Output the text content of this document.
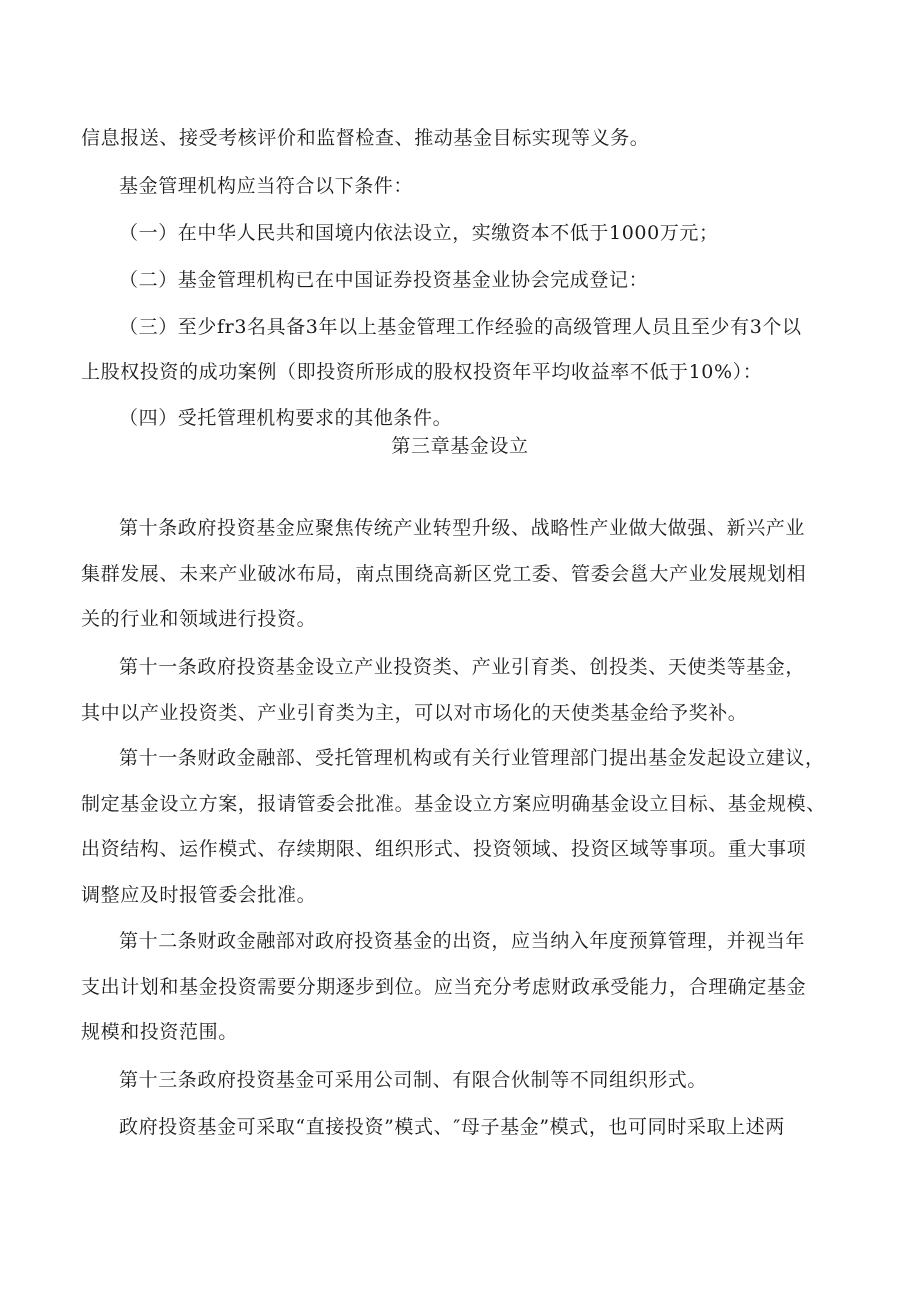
信息报送、接受考核评价和监督检查、推动基金目标实现等义务。
基金管理机构应当符合以下条件：
（一）在中华人民共和国境内依法设立，实缴资本不低于1000万元；
（二）基金管理机构已在中国证券投资基金业协会完成登记：
（三）至少fr3名具备3年以上基金管理工作经验的高级管理人员且至少有3个以
上股权投资的成功案例（即投资所形成的股权投资年平均收益率不低于10%）：
（四）受托管理机构要求的其他条件。
第三章基金设立
第十条政府投资基金应聚焦传统产业转型升级、战略性产业做大做强、新兴产业
集群发展、未来产业破冰布局，南点围绕高新区党工委、管委会邕大产业发展规划相
关的行业和领域进行投资。
第十一条政府投资基金设立产业投资类、产业引育类、创投类、天使类等基金，
其中以产业投资类、产业引育类为主，可以对市场化的天使类基金给予奖补。
第十一条财政金融部、受托管理机构或有关行业管理部门提出基金发起设立建议，
制定基金设立方案，报请管委会批准。基金设立方案应明确基金设立目标、基金规模、
出资结构、运作模式、存续期限、组织形式、投资领域、投资区域等事项。重大事项
调整应及时报管委会批准。
第十二条财政金融部对政府投资基金的出资，应当纳入年度预算管理，并视当年
支出计划和基金投资需要分期逐步到位。应当充分考虑财政承受能力，合理确定基金
规模和投资范围。
第十三条政府投资基金可采用公司制、有限合伙制等不同组织形式。
政府投资基金可采取“直接投资”模式、″母子基金”模式，也可同时采取上述两
